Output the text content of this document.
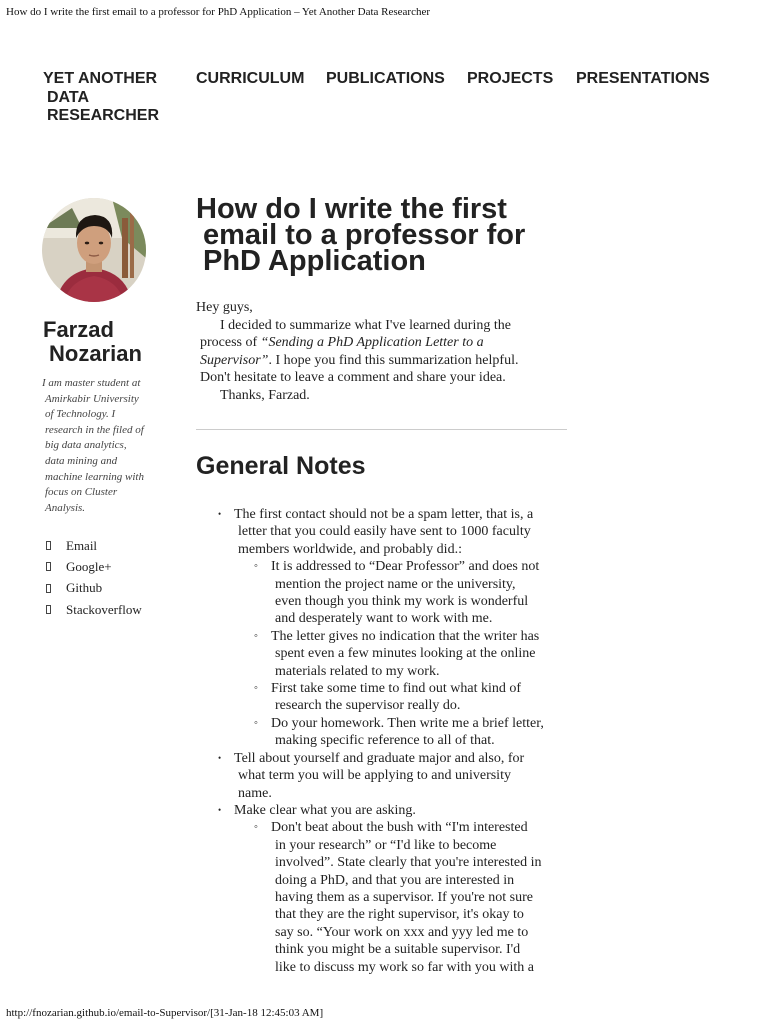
How do I write the first email to a professor for PhD Application – Yet Another Data Researcher
YET ANOTHER
DATA
RESEARCHER
CURRICULUM PUBLICATIONS PROJECTS PRESENTATIONS
Farzad
Nozarian
I am master student at
Amirkabir University
of Technology. I
research in the filed of
big data analytics,
data mining and
machine learning with
focus on Cluster
Analysis.
Email
Google+
Github
Stackoverflow
How do I write the first
email to a professor for
PhD Application
Hey guys,
I decided to summarize what I've learned during the
process of “Sending a PhD Application Letter to a
Supervisor”. I hope you find this summarization helpful.
Don't hesitate to leave a comment and share your idea.
Thanks, Farzad.
General Notes
• The first contact should not be a spam letter, that is, a
letter that you could easily have sent to 1000 faculty
members worldwide, and probably did.:
◦ It is addressed to “Dear Professor” and does not
mention the project name or the university,
even though you think my work is wonderful
and desperately want to work with me.
◦ The letter gives no indication that the writer has
spent even a few minutes looking at the online
materials related to my work.
◦ First take some time to find out what kind of
research the supervisor really do.
◦ Do your homework. Then write me a brief letter,
making specific reference to all of that.
• Tell about yourself and graduate major and also, for
what term you will be applying to and university
name.
• Make clear what you are asking.
◦ Don't beat about the bush with “I'm interested
in your research” or “I'd like to become
involved”. State clearly that you're interested in
doing a PhD, and that you are interested in
having them as a supervisor. If you're not sure
that they are the right supervisor, it's okay to
say so. “Your work on xxx and yyy led me to
think you might be a suitable supervisor. I'd
like to discuss my work so far with you with a
http://fnozarian.github.io/email-to-Supervisor/[31-Jan-18 12:45:03 AM]
